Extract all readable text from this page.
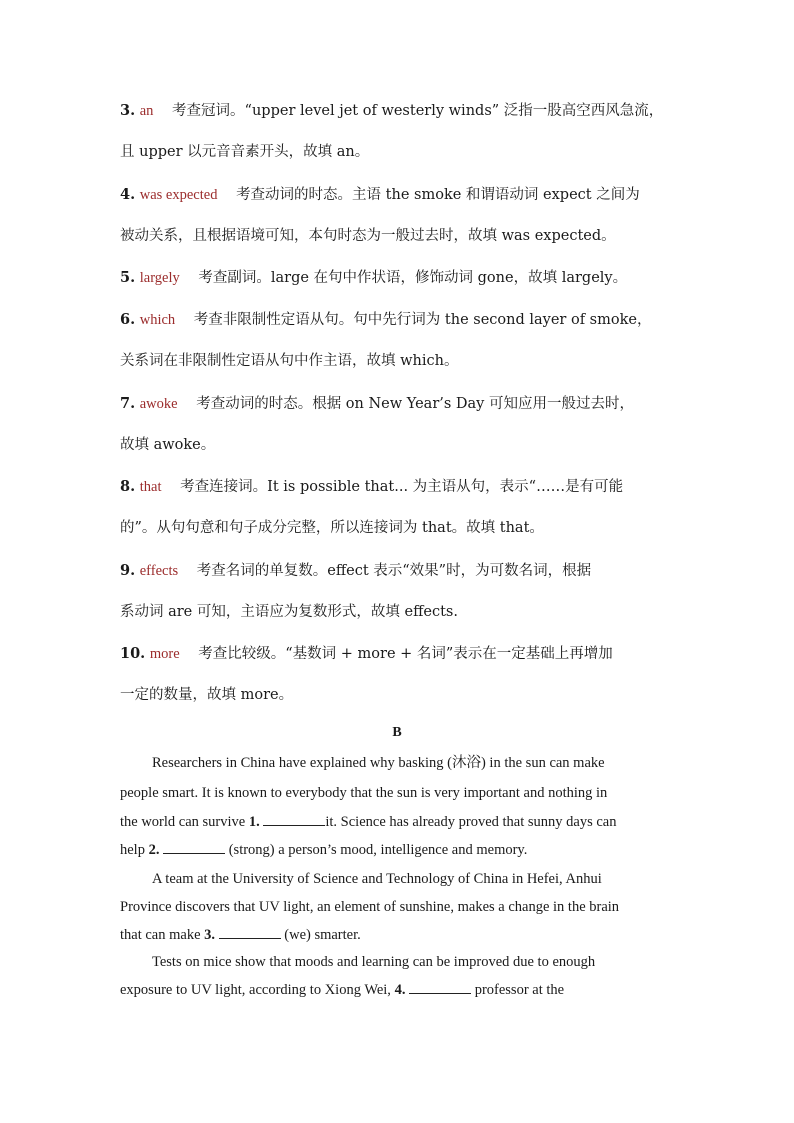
3. an 考查冠词。“upper level jet of westerly winds” 泛指一股高空西风急流，
且 upper 以元音音素开头，故填 an。
4. was expected 考查动词的时态。主语 the smoke 和谓语动词 expect 之间为
被动关系，且根据语境可知，本句时态为一般过去时，故填 was expected。
5. largely 考查副词。large 在句中作状语，修饰动词 gone，故填 largely。
6. which 考查非限制性定语从句。句中先行词为 the second layer of smoke，
关系词在非限制性定语从句中作主语，故填 which。
7. awoke 考查动词的时态。根据 on New Year’s Day 可知应用一般过去时，
故填 awoke。
8. that 考查连接词。It is possible that... 为主语从句，表示“……是有可能
的”。从句句意和句子成分完整，所以连接词为 that。故填 that。
9. effects 考查名词的单复数。effect 表示“效果”时，为可数名词，根据
系动词 are 可知，主语应为复数形式，故填 effects.
10. more 考查比较级。“基数词 + more + 名词”表示在一定基础上再增加
一定的数量，故填 more。
B
Researchers in China have explained why basking (沐浴) in the sun can make
people smart. It is known to everybody that the sun is very important and nothing in
the world can survive 1.	it. Science has already proved that sunny days can
help 2.	(strong) a person’s mood, intelligence and memory.
A team at the University of Science and Technology of China in Hefei, Anhui
Province discovers that UV light, an element of sunshine, makes a change in the brain
that can make 3.	(we) smarter.
Tests on mice show that moods and learning can be improved due to enough
exposure to UV light, according to Xiong Wei, 4.	professor at the
